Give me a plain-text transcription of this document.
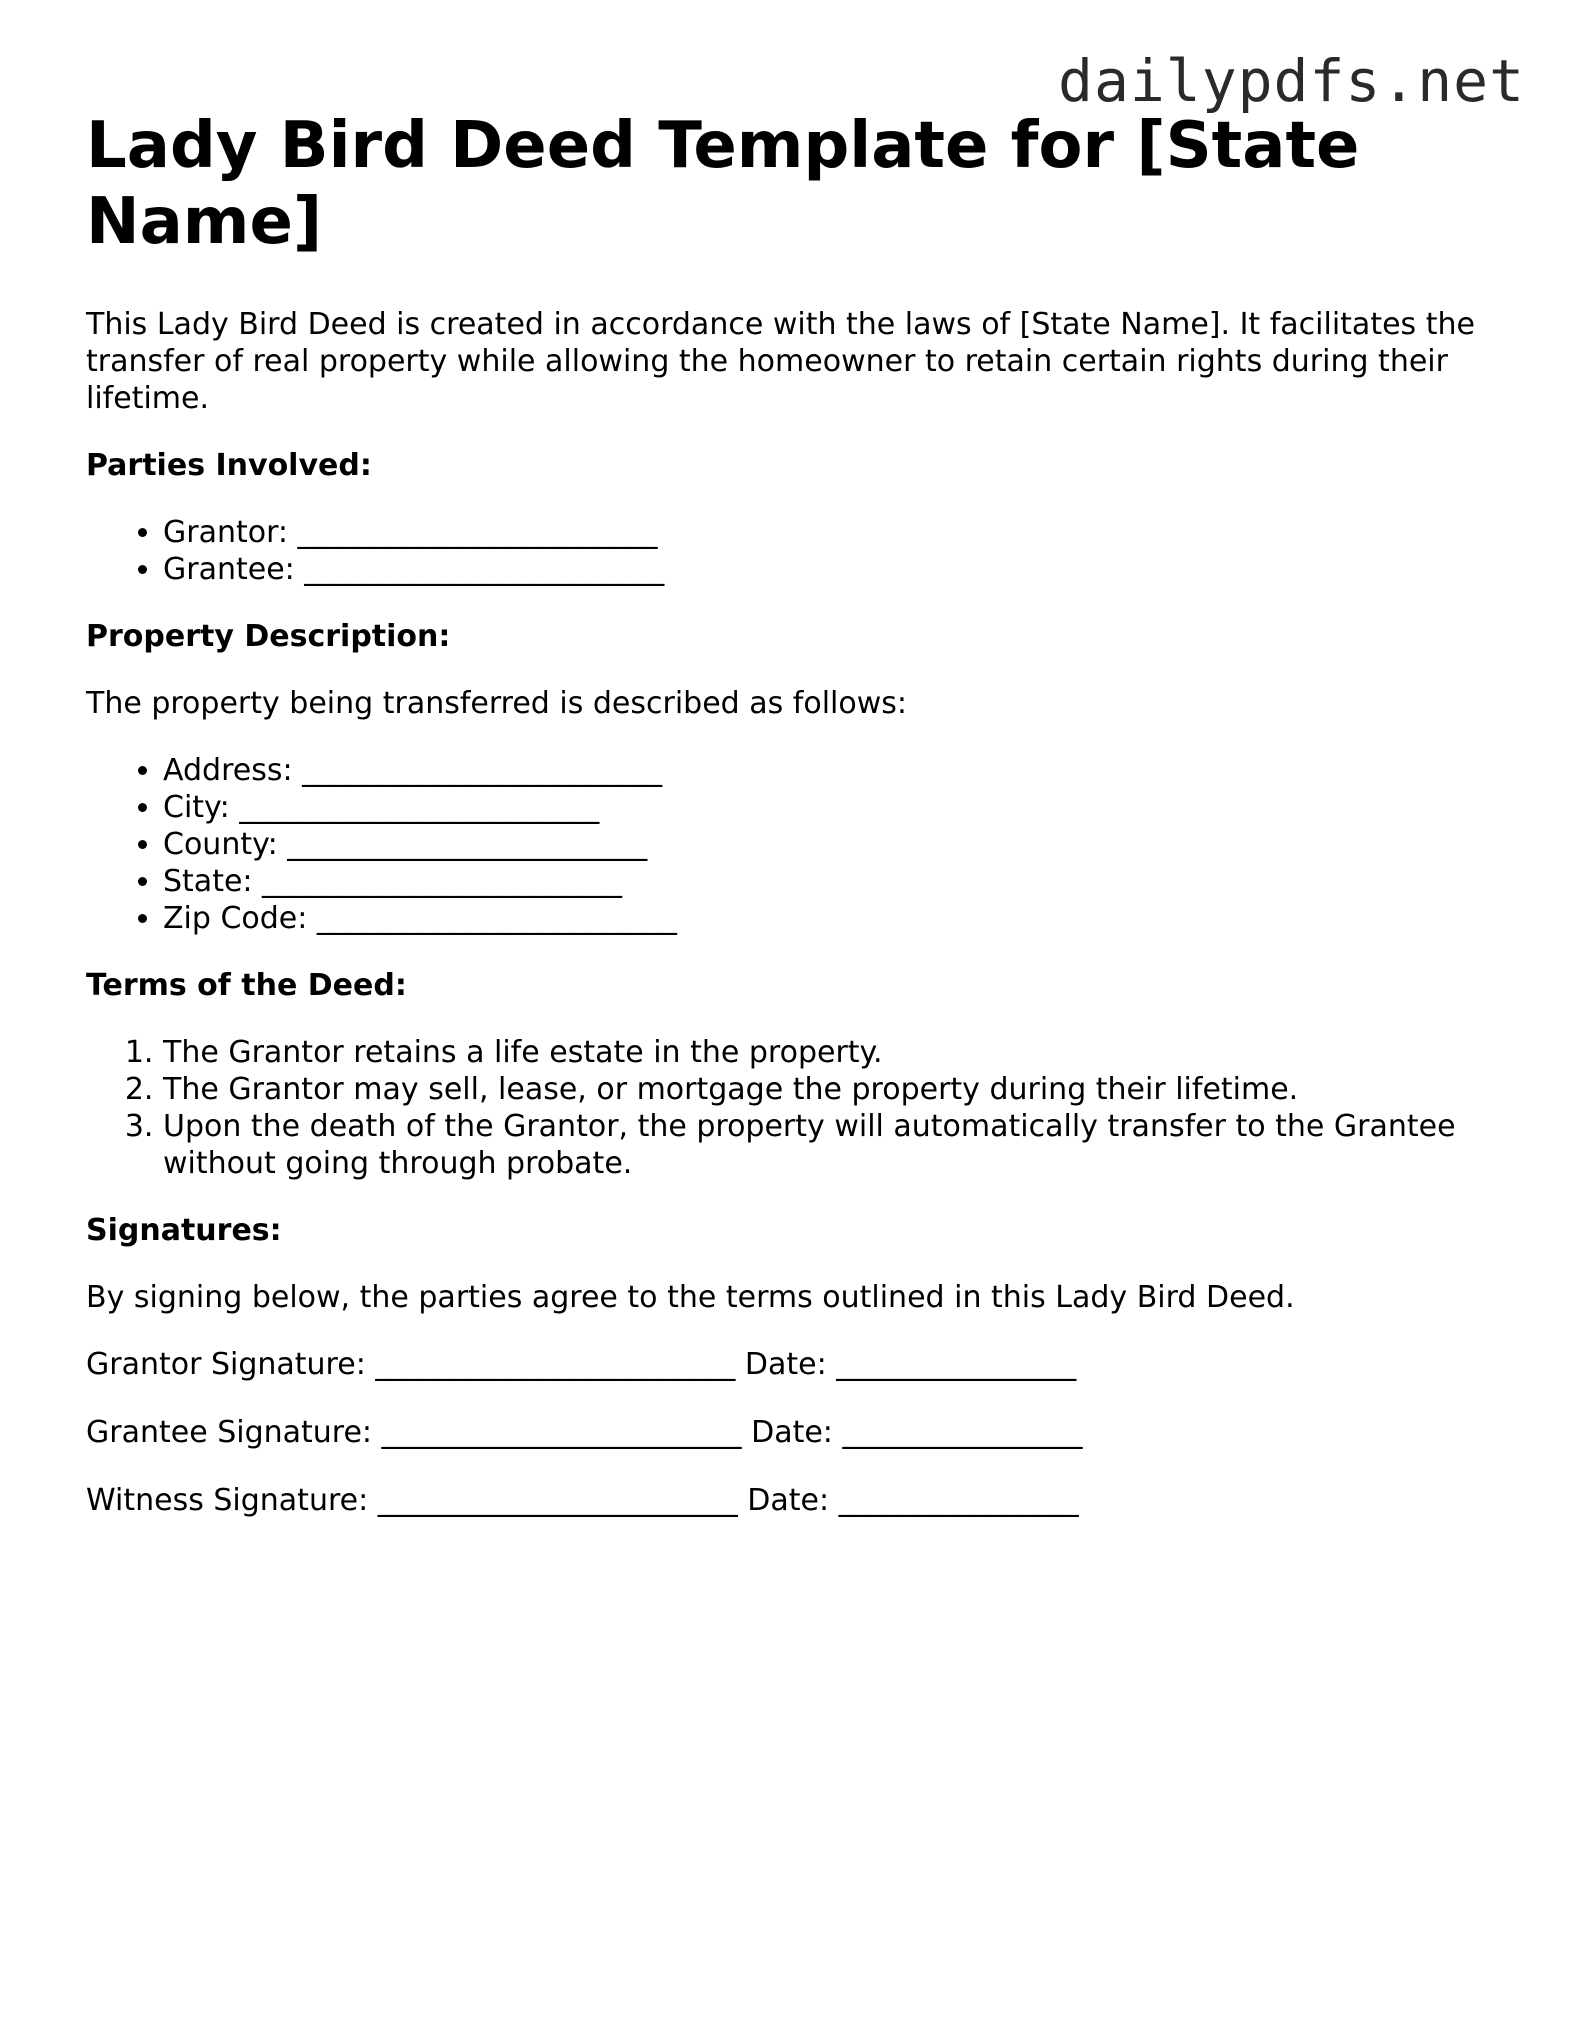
dailypdfs.net
Lady Bird Deed Template for [State Name]

This Lady Bird Deed is created in accordance with the laws of [State Name]. It facilitates the transfer of real property while allowing the homeowner to retain certain rights during their lifetime.

Parties Involved:
• Grantor: ________________________
• Grantee: ________________________
Property Description:

The property being transferred is described as follows:

• Address: ________________________
• City: ________________________
• County: ________________________
• State: ________________________
• Zip Code: ________________________
Terms of the Deed:
1. The Grantor retains a life estate in the property.
2. The Grantor may sell, lease, or mortgage the property during their lifetime.
3. Upon the death of the Grantor, the property will automatically transfer to the Grantee without going through probate.
Signatures:

By signing below, the parties agree to the terms outlined in this Lady Bird Deed.

Grantor Signature: ________________________ Date: ________________

Grantee Signature: ________________________ Date: ________________

Witness Signature: ________________________ Date: ________________
